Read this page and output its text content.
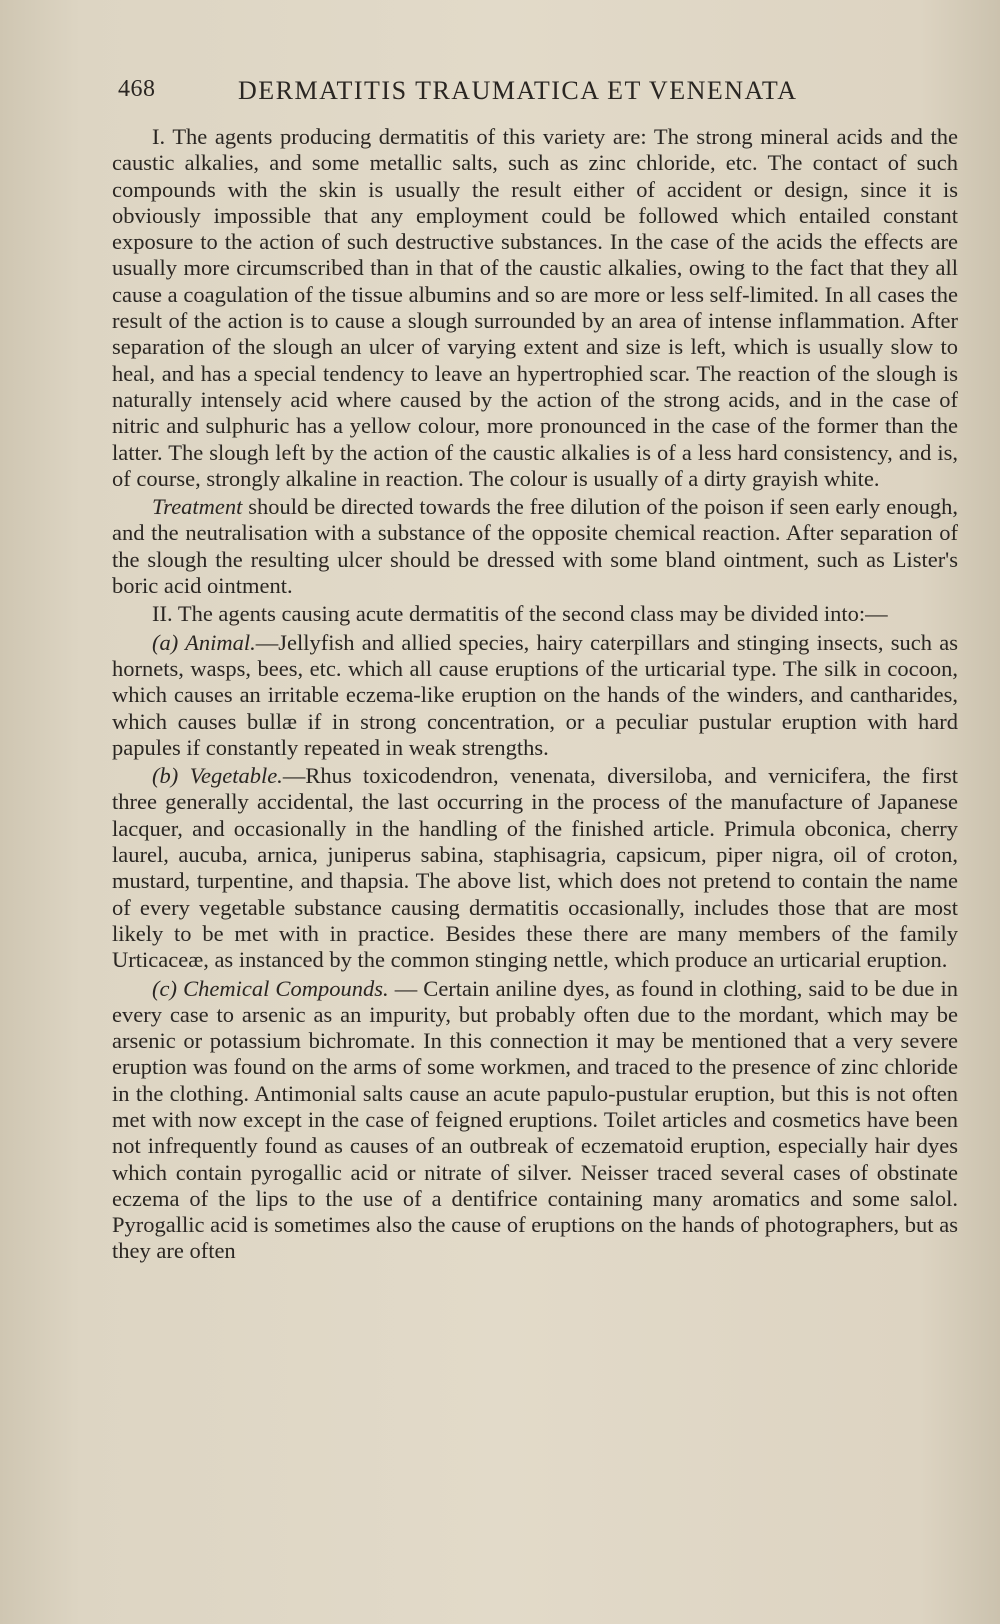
468	DERMATITIS TRAUMATICA ET VENENATA

I. The agents producing dermatitis of this variety are: The strong mineral acids and the caustic alkalies, and some metallic salts, such as zinc chloride, etc. The contact of such compounds with the skin is usually the result either of accident or design, since it is obviously impossible that any employment could be followed which entailed constant exposure to the action of such destructive substances. In the case of the acids the effects are usually more circumscribed than in that of the caustic alkalies, owing to the fact that they all cause a coagulation of the tissue albumins and so are more or less self-limited. In all cases the result of the action is to cause a slough surrounded by an area of intense inflammation. After separation of the slough an ulcer of varying extent and size is left, which is usually slow to heal, and has a special tendency to leave an hypertrophied scar. The reaction of the slough is naturally intensely acid where caused by the action of the strong acids, and in the case of nitric and sulphuric has a yellow colour, more pronounced in the case of the former than the latter. The slough left by the action of the caustic alkalies is of a less hard consistency, and is, of course, strongly alkaline in reaction. The colour is usually of a dirty grayish white.

Treatment should be directed towards the free dilution of the poison if seen early enough, and the neutralisation with a substance of the opposite chemical reaction. After separation of the slough the resulting ulcer should be dressed with some bland ointment, such as Lister's boric acid ointment.

II. The agents causing acute dermatitis of the second class may be divided into:—

(a) Animal.—Jellyfish and allied species, hairy caterpillars and stinging insects, such as hornets, wasps, bees, etc. which all cause eruptions of the urticarial type. The silk in cocoon, which causes an irritable eczema-like eruption on the hands of the winders, and cantharides, which causes bullæ if in strong concentration, or a peculiar pustular eruption with hard papules if constantly repeated in weak strengths.

(b) Vegetable.—Rhus toxicodendron, venenata, diversiloba, and vernicifera, the first three generally accidental, the last occurring in the process of the manufacture of Japanese lacquer, and occasionally in the handling of the finished article. Primula obconica, cherry laurel, aucuba, arnica, juniperus sabina, staphisagria, capsicum, piper nigra, oil of croton, mustard, turpentine, and thapsia. The above list, which does not pretend to contain the name of every vegetable substance causing dermatitis occasionally, includes those that are most likely to be met with in practice. Besides these there are many members of the family Urticaceæ, as instanced by the common stinging nettle, which produce an urticarial eruption.

(c) Chemical Compounds. — Certain aniline dyes, as found in clothing, said to be due in every case to arsenic as an impurity, but probably often due to the mordant, which may be arsenic or potassium bichromate. In this connection it may be mentioned that a very severe eruption was found on the arms of some workmen, and traced to the presence of zinc chloride in the clothing. Antimonial salts cause an acute papulo-pustular eruption, but this is not often met with now except in the case of feigned eruptions. Toilet articles and cosmetics have been not infrequently found as causes of an outbreak of eczematoid eruption, especially hair dyes which contain pyrogallic acid or nitrate of silver. Neisser traced several cases of obstinate eczema of the lips to the use of a dentifrice containing many aromatics and some salol. Pyrogallic acid is sometimes also the cause of eruptions on the hands of photographers, but as they are often
